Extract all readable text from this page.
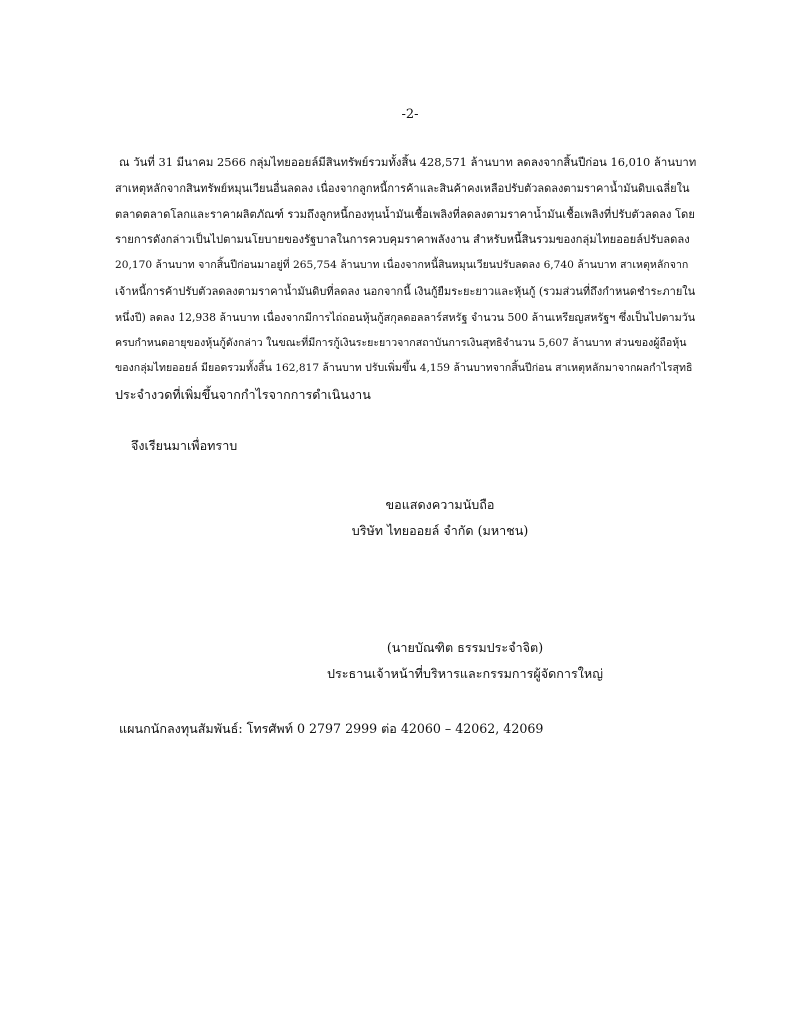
-2-
ณ วันที่ 31 มีนาคม 2566 กลุ่มไทยออยล์มีสินทรัพย์รวมทั้งสิ้น 428,571 ล้านบาท ลดลงจากสิ้นปีก่อน 16,010 ล้านบาท
สาเหตุหลักจากสินทรัพย์หมุนเวียนอื่นลดลง เนื่องจากลูกหนี้การค้าและสินค้าคงเหลือปรับตัวลดลงตามราคาน้ำมันดิบเฉลี่ยใน
ตลาดตลาดโลกและราคาผลิตภัณฑ์ รวมถึงลูกหนี้กองทุนน้ำมันเชื้อเพลิงที่ลดลงตามราคาน้ำมันเชื้อเพลิงที่ปรับตัวลดลง โดย
รายการดังกล่าวเป็นไปตามนโยบายของรัฐบาลในการควบคุมราคาพลังงาน สำหรับหนี้สินรวมของกลุ่มไทยออยล์ปรับลดลง
20,170 ล้านบาท จากสิ้นปีก่อนมาอยู่ที่ 265,754 ล้านบาท เนื่องจากหนี้สินหมุนเวียนปรับลดลง 6,740 ล้านบาท สาเหตุหลักจาก
เจ้าหนี้การค้าปรับตัวลดลงตามราคาน้ำมันดิบที่ลดลง นอกจากนี้ เงินกู้ยืมระยะยาวและหุ้นกู้ (รวมส่วนที่ถึงกำหนดชำระภายใน
หนึ่งปี) ลดลง 12,938 ล้านบาท เนื่องจากมีการไถ่ถอนหุ้นกู้สกุลดอลลาร์สหรัฐ จำนวน 500 ล้านเหรียญสหรัฐฯ ซึ่งเป็นไปตามวัน
ครบกำหนดอายุของหุ้นกู้ดังกล่าว ในขณะที่มีการกู้เงินระยะยาวจากสถาบันการเงินสุทธิจำนวน 5,607 ล้านบาท ส่วนของผู้ถือหุ้น
ของกลุ่มไทยออยล์ มียอดรวมทั้งสิ้น 162,817 ล้านบาท ปรับเพิ่มขึ้น 4,159 ล้านบาทจากสิ้นปีก่อน สาเหตุหลักมาจากผลกำไรสุทธิ
ประจำงวดที่เพิ่มขึ้นจากกำไรจากการดำเนินงาน
จึงเรียนมาเพื่อทราบ
ขอแสดงความนับถือ
บริษัท ไทยออยล์ จำกัด (มหาชน)
(นายบัณฑิต ธรรมประจำจิต)
ประธานเจ้าหน้าที่บริหารและกรรมการผู้จัดการใหญ่
แผนกนักลงทุนสัมพันธ์: โทรศัพท์ 0 2797 2999 ต่อ 42060 – 42062, 42069
